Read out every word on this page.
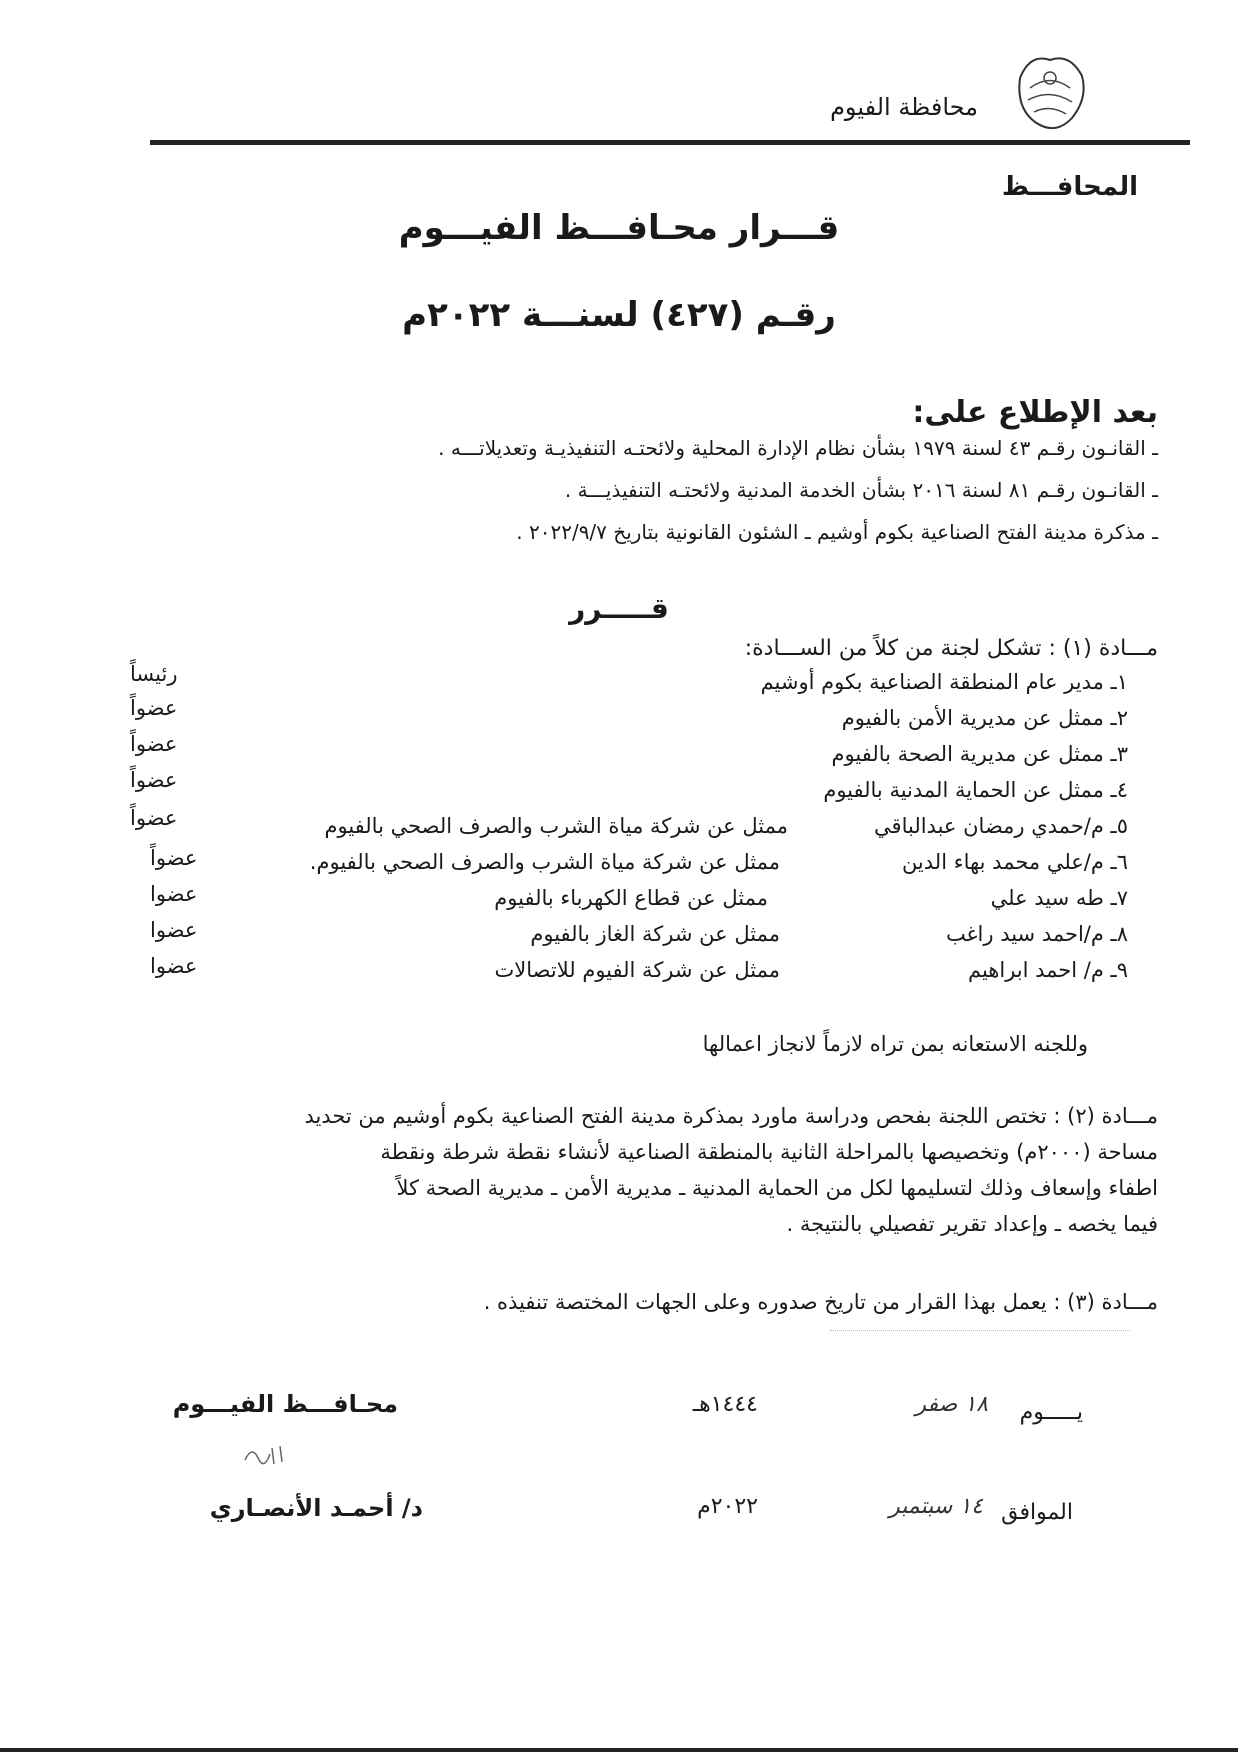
محافظة الفيوم
المحافـــظ
قـــرار محـافـــظ الفيـــوم
رقـم (٤٢٧) لسنـــة ٢٠٢٢م
بعد الإطلاع على:
ـ القانـون رقـم ٤٣ لسنة ١٩٧٩ بشأن نظام الإدارة المحلية ولائحتـه التنفيذيـة وتعديلاتـــه .
ـ القانـون رقـم ٨١ لسنة ٢٠١٦ بشأن الخدمة المدنية ولائحتـه التنفيذيـــة .
ـ مذكرة مدينة الفتح الصناعية بكوم أوشيم ـ الشئون القانونية بتاريخ ٢٠٢٢/٩/٧ .
قـــــرر
مـــادة (١) : تشكل لجنة من كلاً من الســـادة:
١ـ مدير عام المنطقة الصناعية بكوم أوشيم
رئيساً
٢ـ ممثل عن مديرية الأمن بالفيوم
عضواً
٣ـ ممثل عن مديرية الصحة بالفيوم
عضواً
٤ـ ممثل عن الحماية المدنية بالفيوم
عضواً
٥ـ م/حمدي رمضان عبدالباقي
ممثل عن شركة مياة الشرب والصرف الصحي بالفيوم
عضواً
٦ـ م/علي محمد بهاء الدين
ممثل عن شركة مياة الشرب والصرف الصحي بالفيوم.
عضواً
٧ـ طه سيد علي
ممثل عن قطاع الكهرباء بالفيوم
عضوا
٨ـ م/احمد سيد راغب
ممثل عن شركة الغاز بالفيوم
عضوا
٩ـ م/ احمد ابراهيم
ممثل عن شركة الفيوم للاتصالات
عضوا
وللجنه الاستعانه بمن تراه لازماً لانجاز اعمالها
مـــادة (٢) : تختص اللجنة بفحص ودراسة ماورد بمذكرة مدينة الفتح الصناعية بكوم أوشيم من تحديد
مساحة (٢٠٠٠م) وتخصيصها بالمراحلة الثانية بالمنطقة الصناعية لأنشاء نقطة شرطة ونقطة
اطفاء وإسعاف وذلك لتسليمها لكل من الحماية المدنية ـ مديرية الأمن ـ مديرية الصحة كلاً
فيما يخصه ـ وإعداد تقرير تفصيلي بالنتيجة .
مـــادة (٣) : يعمل بهذا القرار من تاريخ صدوره وعلى الجهات المختصة تنفيذه .
يـــــوم
١٨ صفر
١٤٤٤هـ
محـافـــظ الفيـــوم
الموافق
١٤ سبتمبر
٢٠٢٢م
د/ أحمـد الأنصـاري
